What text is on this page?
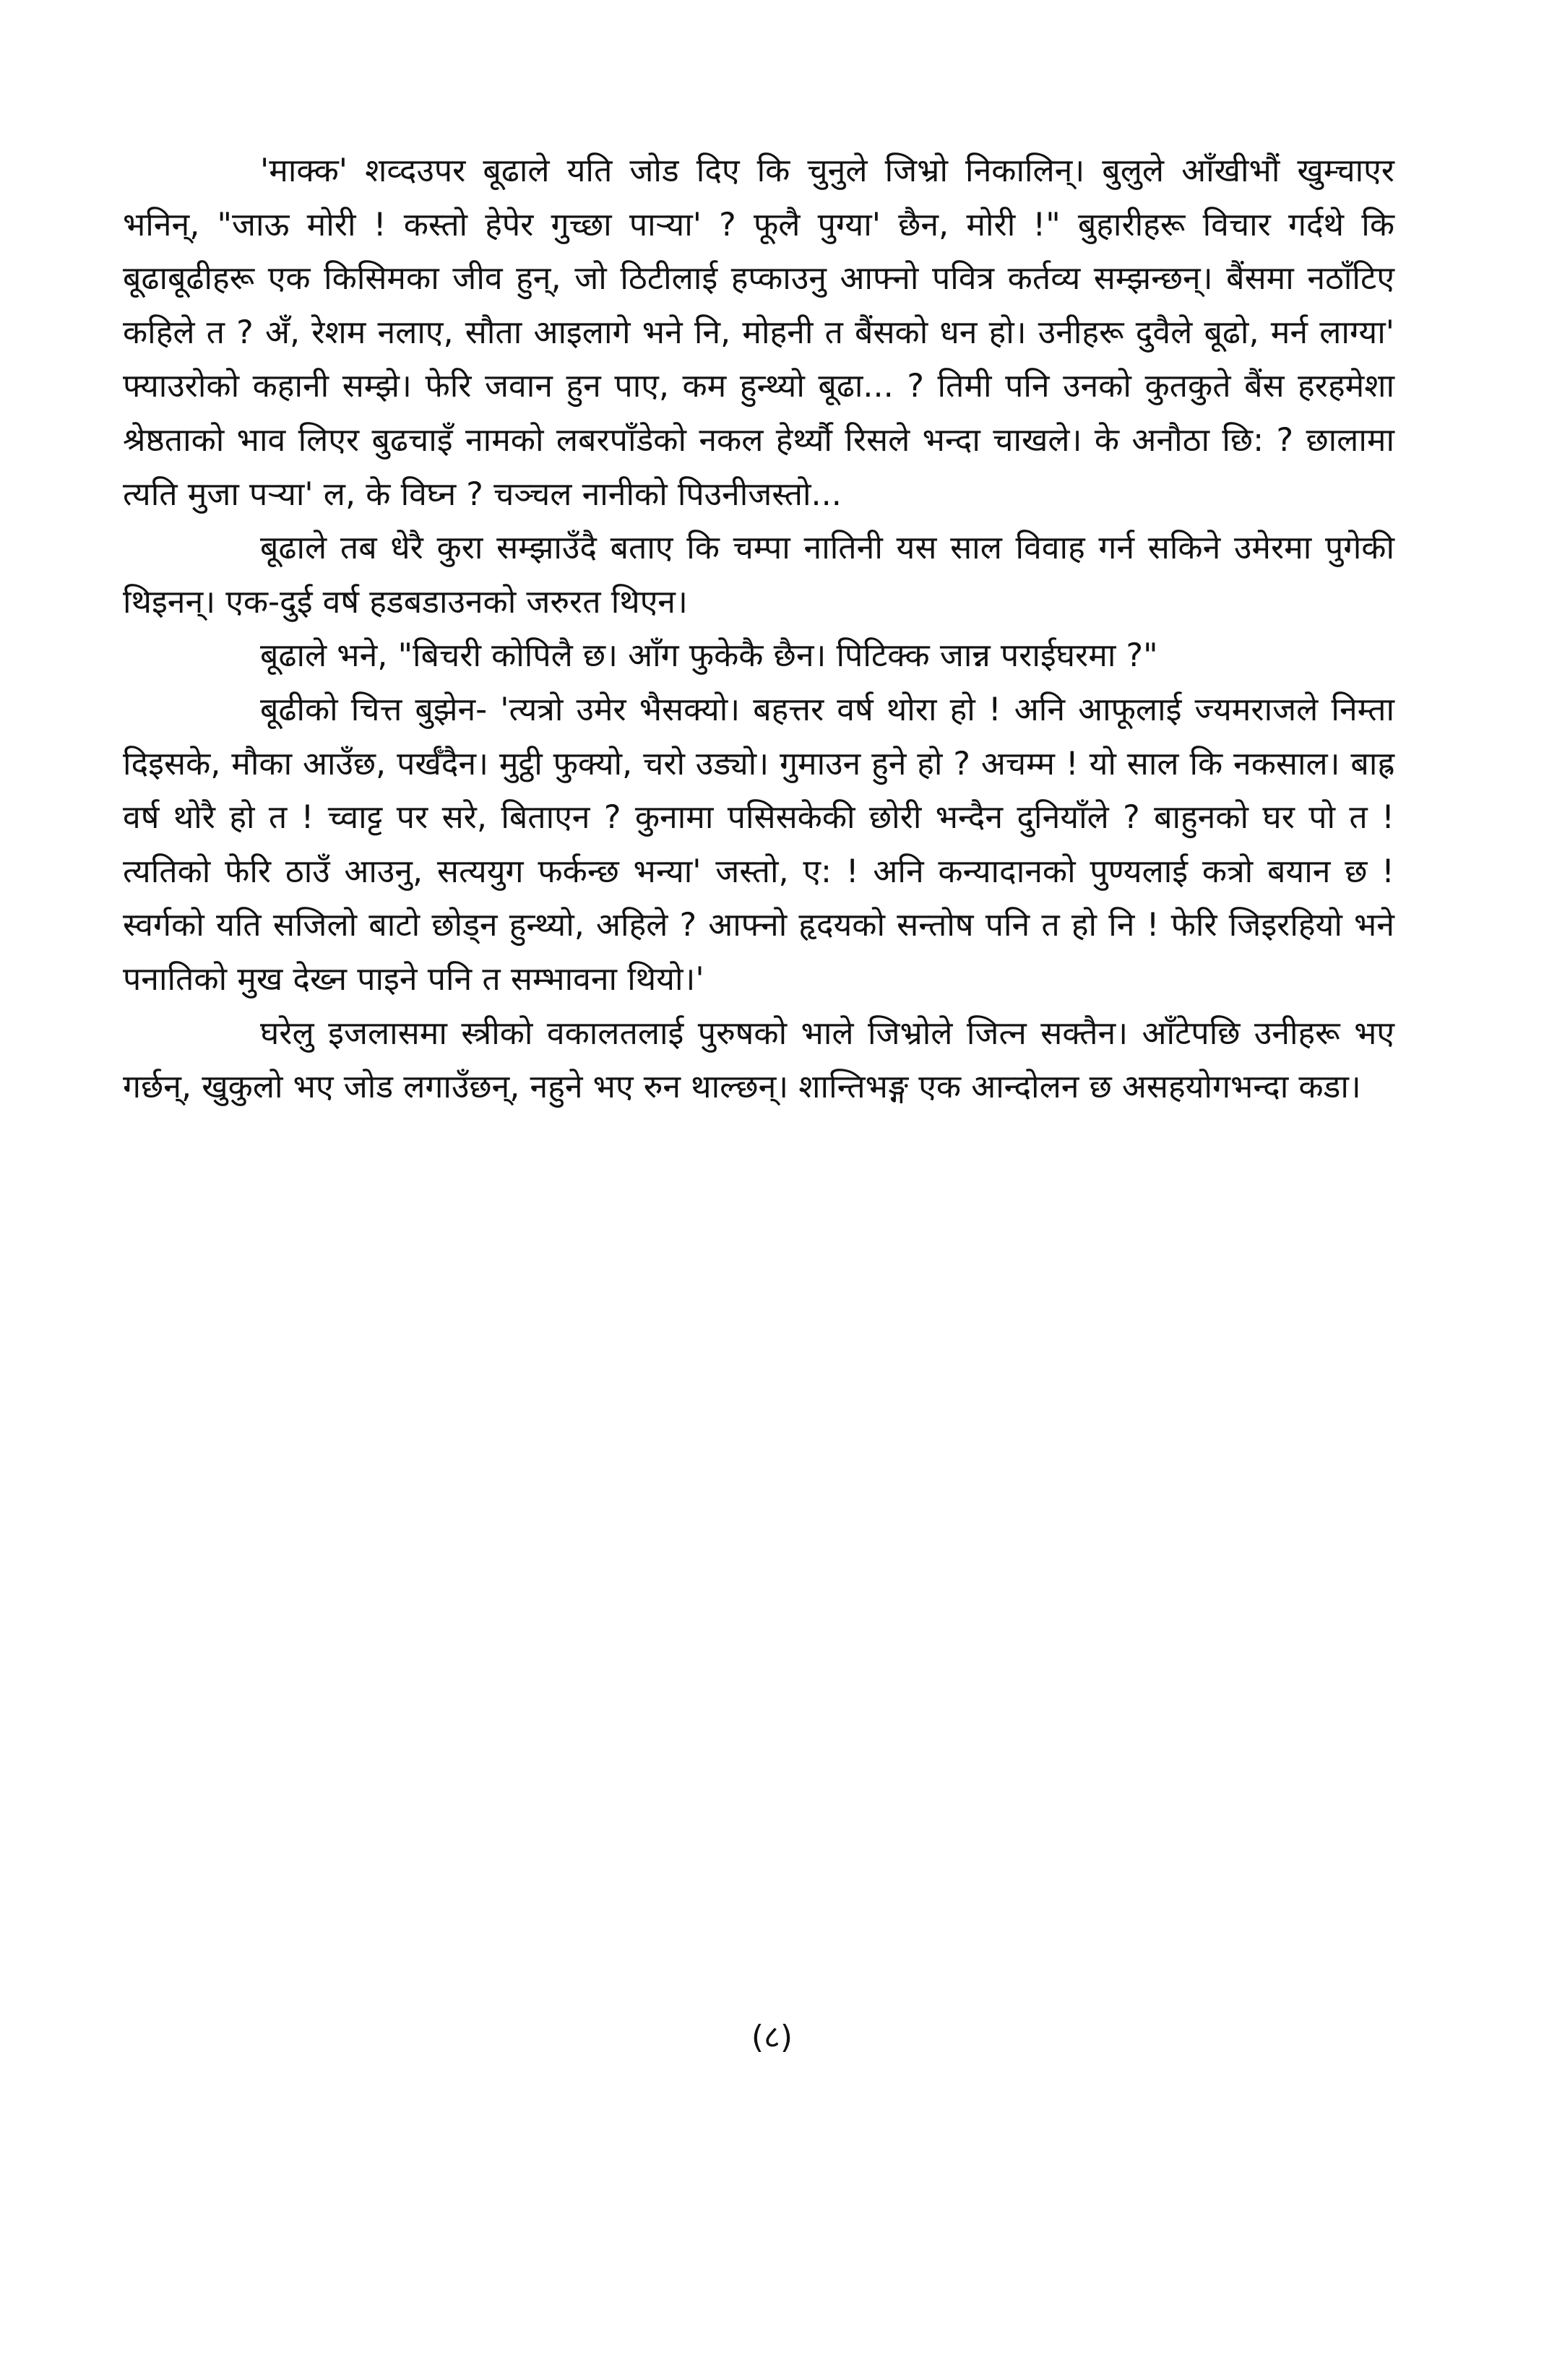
'माक्क' शव्दउपर बूढाले यति जोड दिए कि चुनुले जिभ्रो निकालिन्। बुलुले आँखीभौं खुम्चाएर भनिन्, "जाऊ मोरी ! कस्तो हेपेर गुच्छा पाऱ्या' ? फूलै पुग्या' छैन, मोरी !" बुहारीहरू विचार गर्दथे कि बूढाबूढीहरू एक किसिमका जीव हुन्, जो ठिटीलाई हप्काउनु आफ्नो पवित्र कर्तव्य सम्झन्छन्। बैंसमा नठाँटिए कहिले त ? अँ, रेशम नलाए, सौता आइलागे भने नि, मोहनी त बैंसको धन हो। उनीहरू दुवैले बूढो, मर्न लाग्या' फ्याउरोको कहानी सम्झे। फेरि जवान हुन पाए, कम हुन्थ्यो बूढा... ? तिमी पनि उनको कुतकुते बैंस हरहमेशा श्रेष्ठताको भाव लिएर बुढचाइँ नामको लबरपाँडेको नकल हेर्थ्यौ रिसले भन्दा चाखले। के अनौठा छि: ? छालामा त्यति मुजा पऱ्या' ल, के विघ्न ? चञ्चल नानीको पिउनीजस्तो...

बूढाले तब धेरै कुरा सम्झाउँदै बताए कि चम्पा नातिनी यस साल विवाह गर्न सकिने उमेरमा पुगेकी थिइनन्। एक-दुई वर्ष हडबडाउनको जरुरत थिएन।

बूढाले भने, "बिचरी कोपिलै छ। आँग फुकेकै छैन। पिटिक्क जान्न पराईघरमा ?"

बूढीको चित्त बुझेन- 'त्यत्रो उमेर भैसक्यो। बहत्तर वर्ष थोरा हो ! अनि आफूलाई ज्यमराजले निम्ता दिइसके, मौका आउँछ, पर्खँदैन। मुट्ठी फुक्यो, चरो उड्यो। गुमाउन हुने हो ? अचम्म ! यो साल कि नकसाल। बाह्र वर्ष थोरै हो त ! च्वाट्ट पर सरे, बिताएन ? कुनामा पसिसकेकी छोरी भन्दैन दुनियाँले ? बाहुनको घर पो त ! त्यतिको फेरि ठाउँ आउनु, सत्ययुग फर्कन्छ भन्या' जस्तो, ए: ! अनि कन्यादानको पुण्यलाई कत्रो बयान छ ! स्वर्गको यति सजिलो बाटो छोड्न हुन्थ्यो, अहिले ? आफ्नो हृदयको सन्तोष पनि त हो नि ! फेरि जिइरहियो भने पनातिको मुख देख्न पाइने पनि त सम्भावना थियो।'

घरेलु इजलासमा स्त्रीको वकालतलाई पुरुषको भाले जिभ्रोले जित्न सक्तैन। आँटेपछि उनीहरू भए गर्छन्, खुकुलो भए जोड लगाउँछन्, नहुने भए रुन थाल्छन्। शान्तिभङ्ग एक आन्दोलन छ असहयोगभन्दा कडा।

(८)
